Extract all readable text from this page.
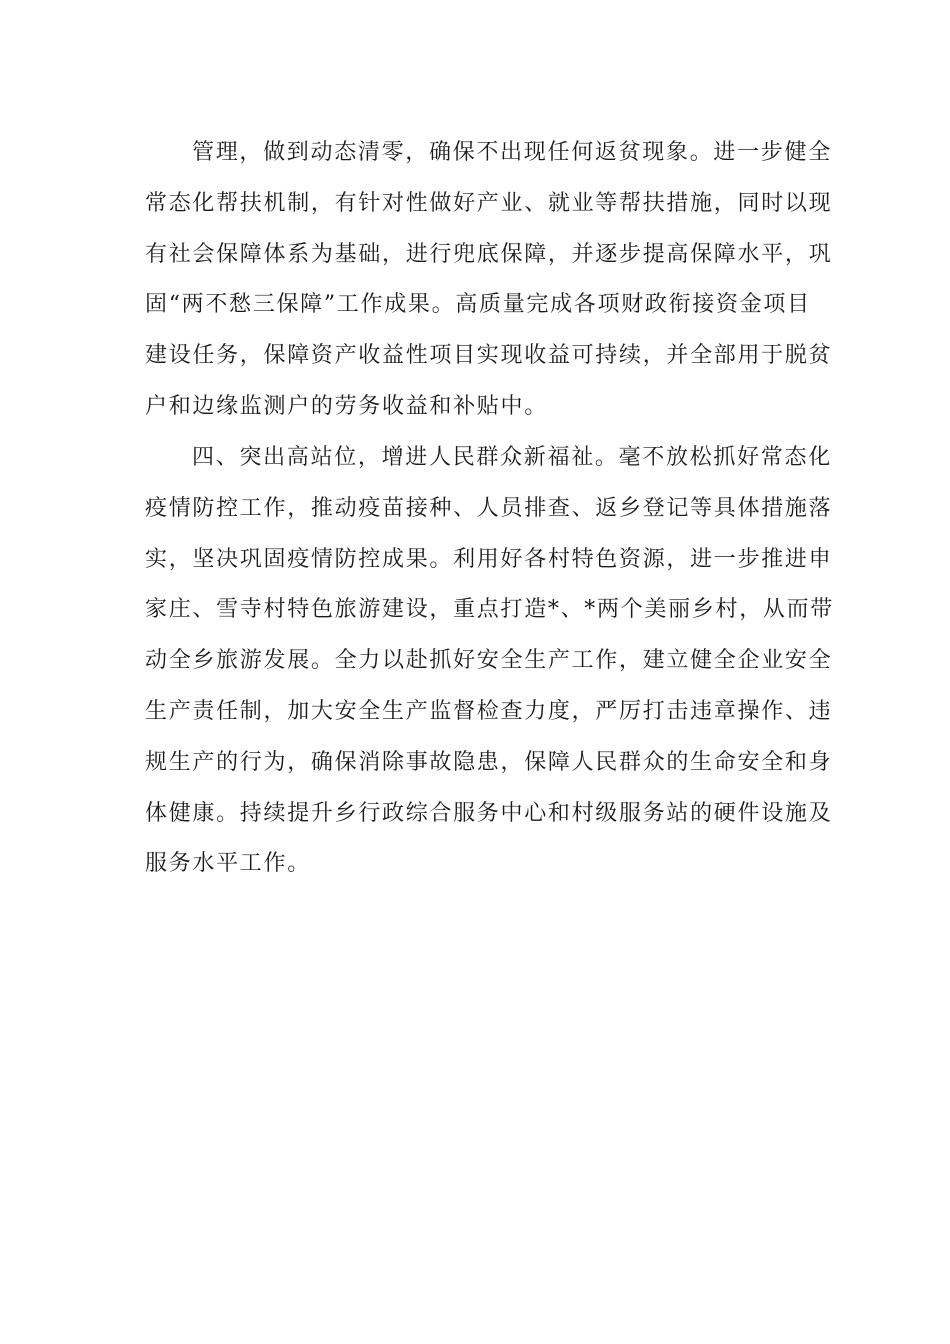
管理，做到动态清零，确保不出现任何返贫现象。进一步健全
常态化帮扶机制，有针对性做好产业、就业等帮扶措施，同时以现
有社会保障体系为基础，进行兜底保障，并逐步提高保障水平，巩
固“两不愁三保障”工作成果。高质量完成各项财政衔接资金项目
建设任务，保障资产收益性项目实现收益可持续，并全部用于脱贫
户和边缘监测户的劳务收益和补贴中。
四、突出高站位，增进人民群众新福祉。毫不放松抓好常态化
疫情防控工作，推动疫苗接种、人员排查、返乡登记等具体措施落
实，坚决巩固疫情防控成果。利用好各村特色资源，进一步推进申
家庄、雪寺村特色旅游建设，重点打造*、*两个美丽乡村，从而带
动全乡旅游发展。全力以赴抓好安全生产工作，建立健全企业安全
生产责任制，加大安全生产监督检查力度，严厉打击违章操作、违
规生产的行为，确保消除事故隐患，保障人民群众的生命安全和身
体健康。持续提升乡行政综合服务中心和村级服务站的硬件设施及
服务水平工作。
